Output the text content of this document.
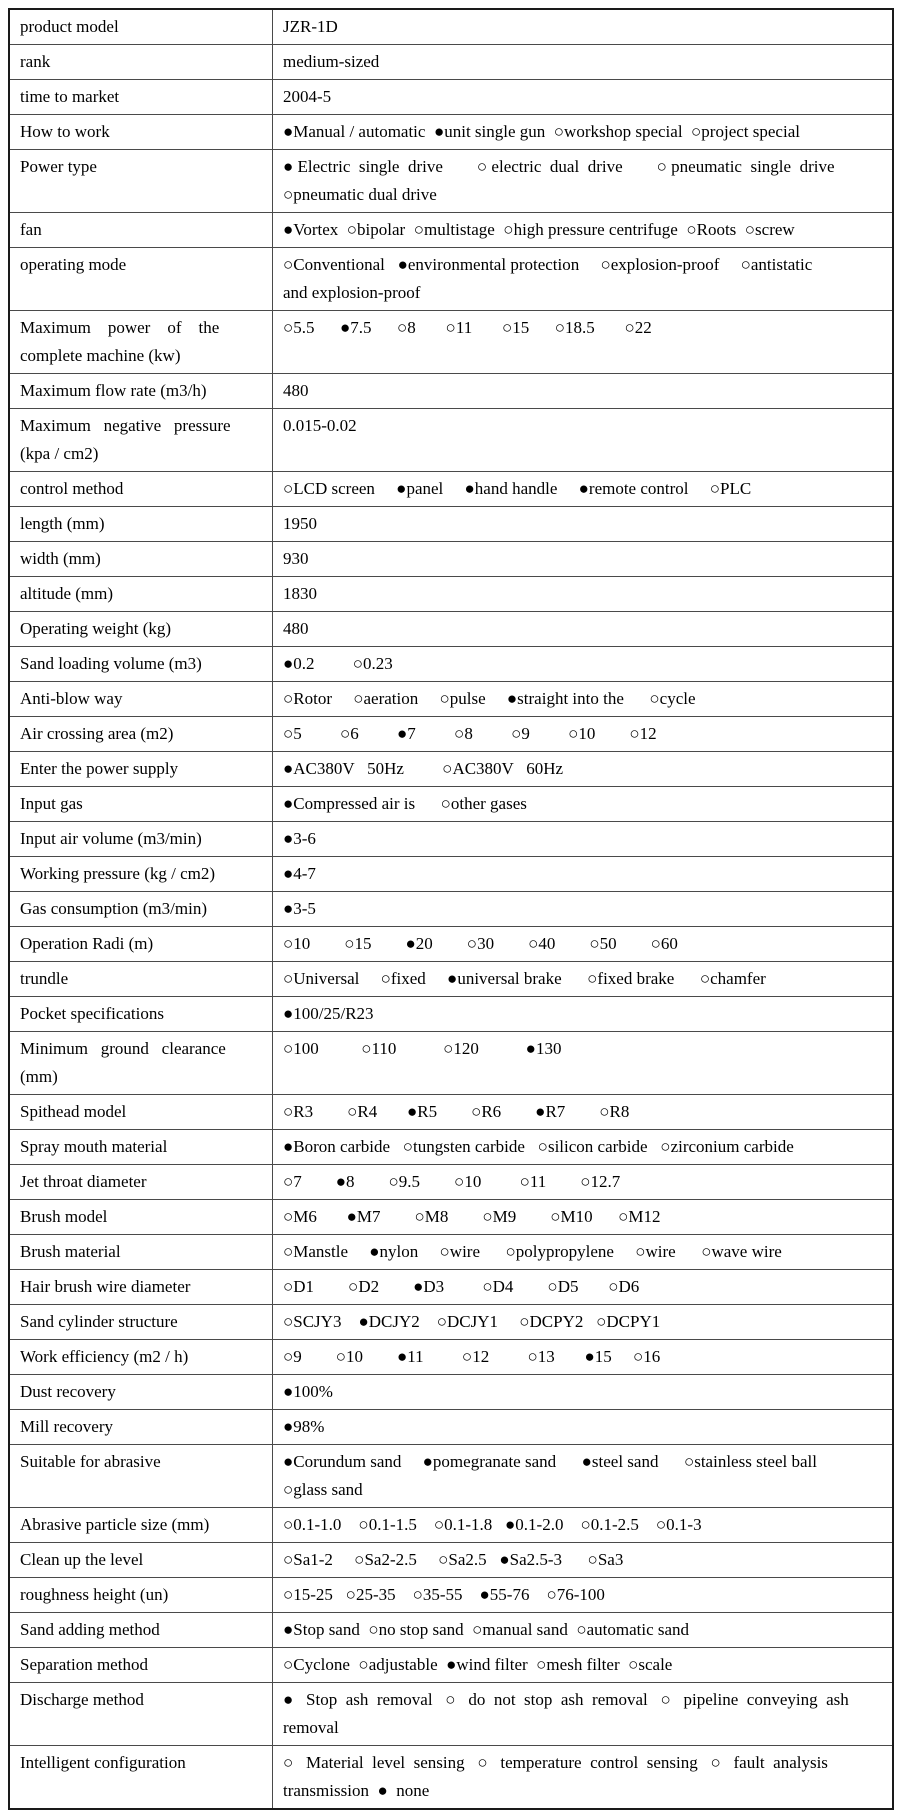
product model	JZR-1D
rank	medium-sized
time to market	2004-5
How to work	●Manual / automatic  ●unit single gun  ○workshop special  ○project special
Power type	● Electric  single  drive        ○ electric  dual  drive        ○ pneumatic  single  drive
○pneumatic dual drive
fan	●Vortex  ○bipolar  ○multistage  ○high pressure centrifuge  ○Roots  ○screw
operating mode	○Conventional   ●environmental protection     ○explosion-proof     ○antistatic
and explosion-proof
Maximum    power    of    the
complete machine (kw)	○5.5      ●7.5      ○8       ○11       ○15      ○18.5       ○22
Maximum flow rate (m3/h)	480
Maximum   negative   pressure
(kpa / cm2)	0.015-0.02
control method	○LCD screen     ●panel     ●hand handle     ●remote control     ○PLC
length (mm)	1950
width (mm)	930
altitude (mm)	1830
Operating weight (kg)	480
Sand loading volume (m3)	●0.2         ○0.23
Anti-blow way	○Rotor     ○aeration     ○pulse     ●straight into the      ○cycle
Air crossing area (m2)	○5         ○6         ●7         ○8         ○9         ○10        ○12
Enter the power supply	●AC380V   50Hz         ○AC380V   60Hz
Input gas	●Compressed air is      ○other gases
Input air volume (m3/min)	●3-6
Working pressure (kg / cm2)	●4-7
Gas consumption (m3/min)	●3-5
Operation Radi (m)	○10        ○15        ●20        ○30        ○40        ○50        ○60
trundle	○Universal     ○fixed     ●universal brake      ○fixed brake      ○chamfer
Pocket specifications	●100/25/R23
Minimum   ground   clearance
(mm)	○100          ○110           ○120           ●130
Spithead model	○R3        ○R4       ●R5        ○R6        ●R7        ○R8
Spray mouth material	●Boron carbide   ○tungsten carbide   ○silicon carbide   ○zirconium carbide
Jet throat diameter	○7        ●8        ○9.5        ○10         ○11        ○12.7
Brush model	○M6       ●M7        ○M8        ○M9        ○M10      ○M12
Brush material	○Manstle     ●nylon     ○wire      ○polypropylene     ○wire      ○wave wire
Hair brush wire diameter	○D1        ○D2        ●D3         ○D4        ○D5       ○D6
Sand cylinder structure	○SCJY3    ●DCJY2    ○DCJY1     ○DCPY2   ○DCPY1
Work efficiency (m2 / h)	○9        ○10        ●11         ○12         ○13       ●15     ○16
Dust recovery	●100%
Mill recovery	●98%
Suitable for abrasive	●Corundum sand     ●pomegranate sand      ●steel sand      ○stainless steel ball
○glass sand
Abrasive particle size (mm)	○0.1-1.0    ○0.1-1.5    ○0.1-1.8   ●0.1-2.0    ○0.1-2.5    ○0.1-3
Clean up the level	○Sa1-2     ○Sa2-2.5     ○Sa2.5   ●Sa2.5-3      ○Sa3
roughness height (un)	○15-25   ○25-35    ○35-55    ●55-76    ○76-100
Sand adding method	●Stop sand  ○no stop sand  ○manual sand  ○automatic sand
Separation method	○Cyclone  ○adjustable  ●wind filter  ○mesh filter  ○scale
Discharge method	●   Stop  ash  removal   ○   do  not  stop  ash  removal   ○   pipeline  conveying  ash
removal
Intelligent configuration	○   Material  level  sensing   ○   temperature  control  sensing   ○   fault  analysis
transmission  ●  none
